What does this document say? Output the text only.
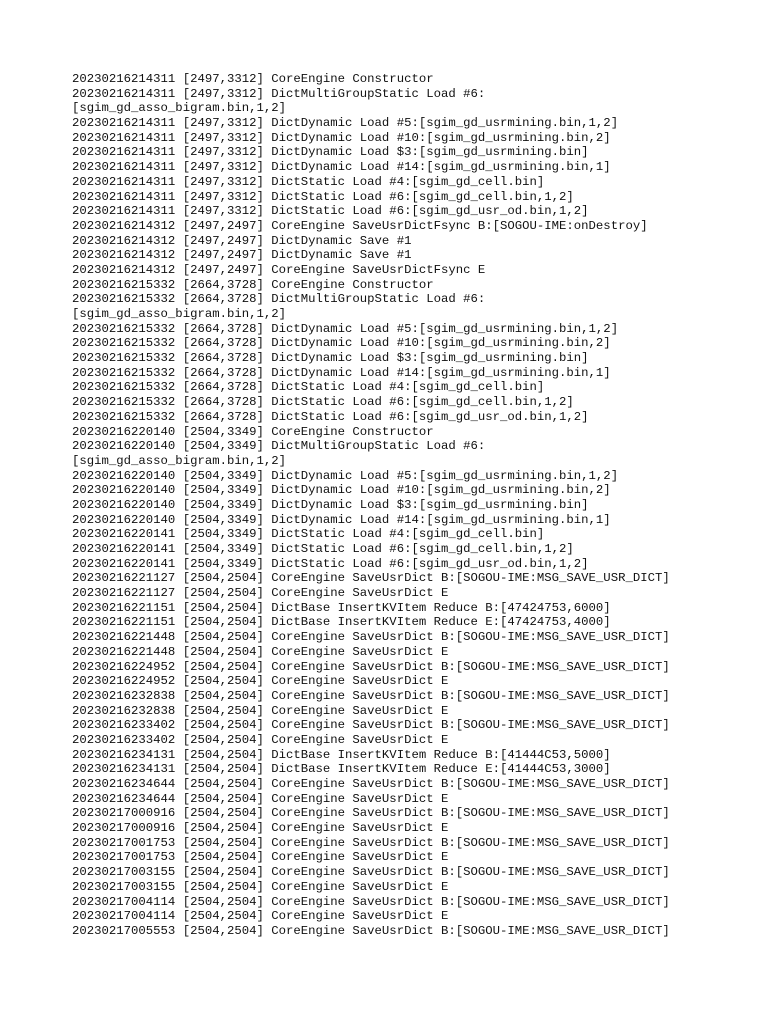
20230216214311 [2497,3312] CoreEngine Constructor
20230216214311 [2497,3312] DictMultiGroupStatic Load #6:
[sgim_gd_asso_bigram.bin,1,2]
20230216214311 [2497,3312] DictDynamic Load #5:[sgim_gd_usrmining.bin,1,2]
20230216214311 [2497,3312] DictDynamic Load #10:[sgim_gd_usrmining.bin,2]
20230216214311 [2497,3312] DictDynamic Load $3:[sgim_gd_usrmining.bin]
20230216214311 [2497,3312] DictDynamic Load #14:[sgim_gd_usrmining.bin,1]
20230216214311 [2497,3312] DictStatic Load #4:[sgim_gd_cell.bin]
20230216214311 [2497,3312] DictStatic Load #6:[sgim_gd_cell.bin,1,2]
20230216214311 [2497,3312] DictStatic Load #6:[sgim_gd_usr_od.bin,1,2]
20230216214312 [2497,2497] CoreEngine SaveUsrDictFsync B:[SOGOU-IME:onDestroy]
20230216214312 [2497,2497] DictDynamic Save #1
20230216214312 [2497,2497] DictDynamic Save #1
20230216214312 [2497,2497] CoreEngine SaveUsrDictFsync E
20230216215332 [2664,3728] CoreEngine Constructor
20230216215332 [2664,3728] DictMultiGroupStatic Load #6:
[sgim_gd_asso_bigram.bin,1,2]
20230216215332 [2664,3728] DictDynamic Load #5:[sgim_gd_usrmining.bin,1,2]
20230216215332 [2664,3728] DictDynamic Load #10:[sgim_gd_usrmining.bin,2]
20230216215332 [2664,3728] DictDynamic Load $3:[sgim_gd_usrmining.bin]
20230216215332 [2664,3728] DictDynamic Load #14:[sgim_gd_usrmining.bin,1]
20230216215332 [2664,3728] DictStatic Load #4:[sgim_gd_cell.bin]
20230216215332 [2664,3728] DictStatic Load #6:[sgim_gd_cell.bin,1,2]
20230216215332 [2664,3728] DictStatic Load #6:[sgim_gd_usr_od.bin,1,2]
20230216220140 [2504,3349] CoreEngine Constructor
20230216220140 [2504,3349] DictMultiGroupStatic Load #6:
[sgim_gd_asso_bigram.bin,1,2]
20230216220140 [2504,3349] DictDynamic Load #5:[sgim_gd_usrmining.bin,1,2]
20230216220140 [2504,3349] DictDynamic Load #10:[sgim_gd_usrmining.bin,2]
20230216220140 [2504,3349] DictDynamic Load $3:[sgim_gd_usrmining.bin]
20230216220140 [2504,3349] DictDynamic Load #14:[sgim_gd_usrmining.bin,1]
20230216220141 [2504,3349] DictStatic Load #4:[sgim_gd_cell.bin]
20230216220141 [2504,3349] DictStatic Load #6:[sgim_gd_cell.bin,1,2]
20230216220141 [2504,3349] DictStatic Load #6:[sgim_gd_usr_od.bin,1,2]
20230216221127 [2504,2504] CoreEngine SaveUsrDict B:[SOGOU-IME:MSG_SAVE_USR_DICT]
20230216221127 [2504,2504] CoreEngine SaveUsrDict E
20230216221151 [2504,2504] DictBase InsertKVItem Reduce B:[47424753,6000]
20230216221151 [2504,2504] DictBase InsertKVItem Reduce E:[47424753,4000]
20230216221448 [2504,2504] CoreEngine SaveUsrDict B:[SOGOU-IME:MSG_SAVE_USR_DICT]
20230216221448 [2504,2504] CoreEngine SaveUsrDict E
20230216224952 [2504,2504] CoreEngine SaveUsrDict B:[SOGOU-IME:MSG_SAVE_USR_DICT]
20230216224952 [2504,2504] CoreEngine SaveUsrDict E
20230216232838 [2504,2504] CoreEngine SaveUsrDict B:[SOGOU-IME:MSG_SAVE_USR_DICT]
20230216232838 [2504,2504] CoreEngine SaveUsrDict E
20230216233402 [2504,2504] CoreEngine SaveUsrDict B:[SOGOU-IME:MSG_SAVE_USR_DICT]
20230216233402 [2504,2504] CoreEngine SaveUsrDict E
20230216234131 [2504,2504] DictBase InsertKVItem Reduce B:[41444C53,5000]
20230216234131 [2504,2504] DictBase InsertKVItem Reduce E:[41444C53,3000]
20230216234644 [2504,2504] CoreEngine SaveUsrDict B:[SOGOU-IME:MSG_SAVE_USR_DICT]
20230216234644 [2504,2504] CoreEngine SaveUsrDict E
20230217000916 [2504,2504] CoreEngine SaveUsrDict B:[SOGOU-IME:MSG_SAVE_USR_DICT]
20230217000916 [2504,2504] CoreEngine SaveUsrDict E
20230217001753 [2504,2504] CoreEngine SaveUsrDict B:[SOGOU-IME:MSG_SAVE_USR_DICT]
20230217001753 [2504,2504] CoreEngine SaveUsrDict E
20230217003155 [2504,2504] CoreEngine SaveUsrDict B:[SOGOU-IME:MSG_SAVE_USR_DICT]
20230217003155 [2504,2504] CoreEngine SaveUsrDict E
20230217004114 [2504,2504] CoreEngine SaveUsrDict B:[SOGOU-IME:MSG_SAVE_USR_DICT]
20230217004114 [2504,2504] CoreEngine SaveUsrDict E
20230217005553 [2504,2504] CoreEngine SaveUsrDict B:[SOGOU-IME:MSG_SAVE_USR_DICT]
